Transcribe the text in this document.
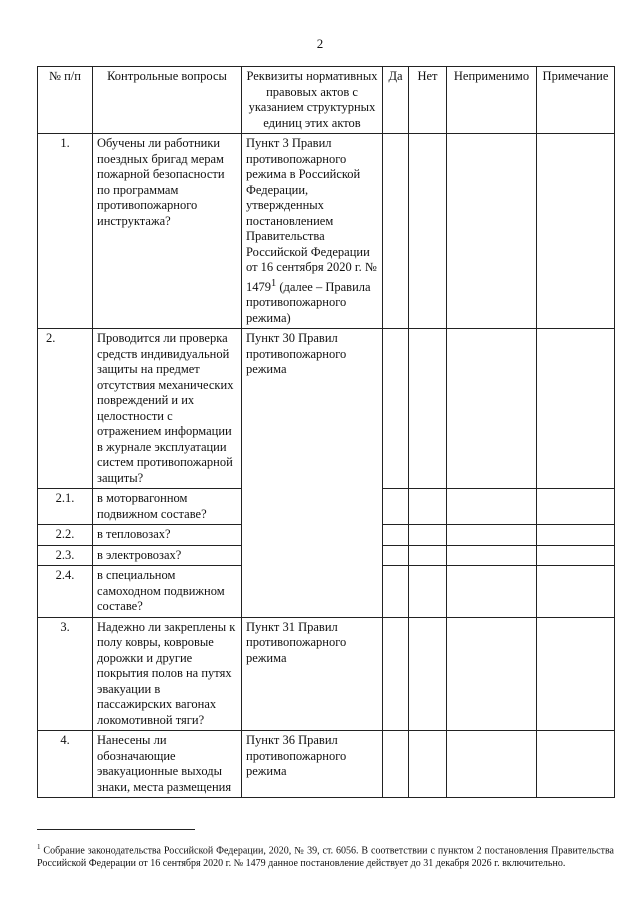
2
№ п/п	Контрольные вопросы	Реквизиты нормативных правовых актов с указанием структурных единиц этих актов	Да	Нет	Неприменимо	Примечание
1.	Обучены ли работники поездных бригад мерам пожарной безопасности по программам противопожарного инструктажа?	Пункт 3 Правил противопожарного режима в Российской Федерации, утвержденных постановлением Правительства Российской Федерации от 16 сентября 2020 г. № 1479$^1$ (далее – Правила противопожарного режима)				
2.	Проводится ли проверка средств индивидуальной защиты на предмет отсутствия механических повреждений и их целостности с отражением информации в журнале эксплуатации систем противопожарной защиты?	Пункт 30 Правил противопожарного режима				
2.1.	в моторвагонном подвижном составе?					
2.2.	в тепловозах?					
2.3.	в электровозах?					
2.4.	в специальном самоходном подвижном составе?					
3.	Надежно ли закреплены к полу ковры, ковровые дорожки и другие покрытия полов на путях эвакуации в пассажирских вагонах локомотивной тяги?	Пункт 31 Правил противопожарного режима				
4.	Нанесены ли обозначающие эвакуационные выходы знаки, места размещения	Пункт 36 Правил противопожарного режима				
$^1$ Собрание законодательства Российской Федерации, 2020, № 39, ст. 6056. В соответствии с пунктом 2 постановления Правительства Российской Федерации от 16 сентября 2020 г. № 1479 данное постановление действует до 31 декабря 2026 г. включительно.
